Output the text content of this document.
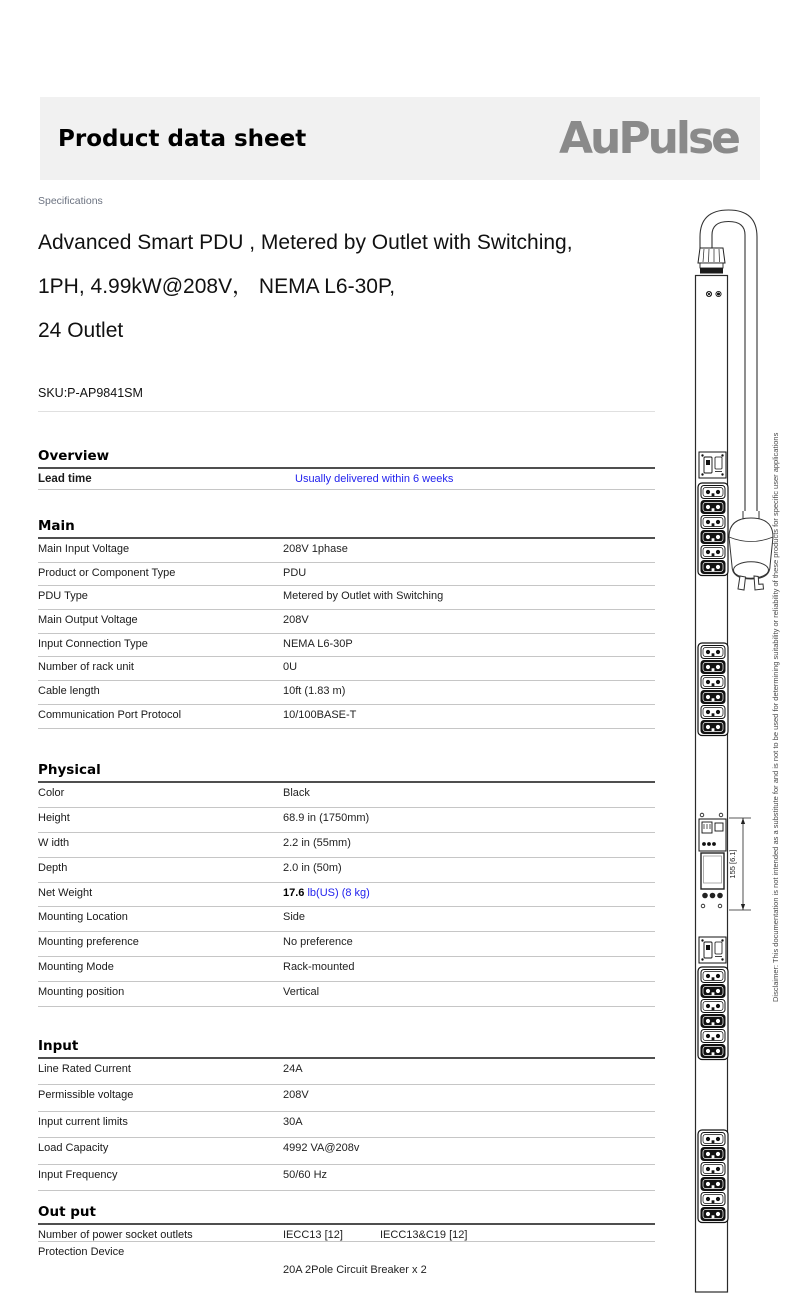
Product data sheet	AuPulse
Specifications
Advanced Smart PDU , Metered by Outlet with Switching,
1PH, 4.99kW@208V， NEMA L6-30P,
24 Outlet
SKU:P-AP9841SM
Overview
Lead time	Usually delivered within 6 weeks
Main
Main Input Voltage	208V 1phase
Product or Component Type	PDU
PDU Type	Metered by Outlet with Switching
Main Output Voltage	208V
Input Connection Type	NEMA L6-30P
Number of rack unit	0U
Cable length	10ft (1.83 m)
Communication Port Protocol	10/100BASE-T
Physical
Color	Black
Height	68.9 in (1750mm)
W idth	2.2 in (55mm)
Depth	2.0 in (50m)
Net Weight	17.6 lb(US) (8 kg)
Mounting Location	Side
Mounting preference	No preference
Mounting Mode	Rack-mounted
Mounting position	Vertical
Input
Line Rated Current	24A
Permissible voltage	208V
Input current limits	30A
Load Capacity	4992 VA@208v
Input Frequency	50/60 Hz
Out put
Number of power socket outlets	IECC13 [12]	IECC13&C19 [12]
Protection Device
20A 2Pole Circuit Breaker x 2
155 [6.1]	Disclaimer: This documentation is not intended as a substitute for and is not to be used for determining suitability or reliability of these products for specific user applications
